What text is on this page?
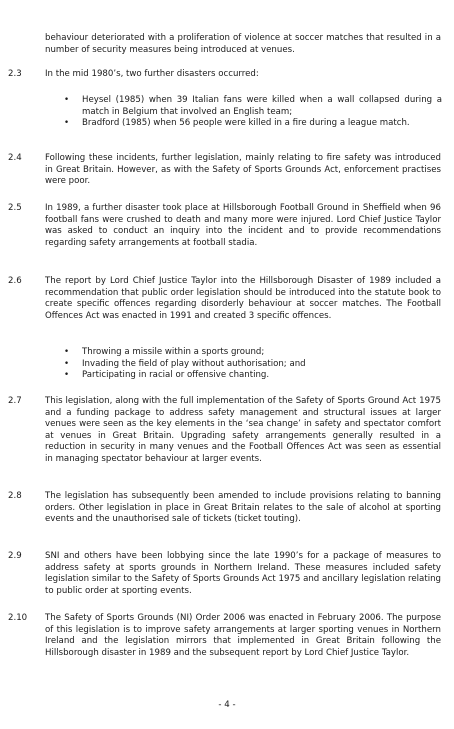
behaviour deteriorated with a proliferation of violence at soccer matches that resulted in a number of security measures being introduced at venues.

2.3	In the mid 1980’s, two further disasters occurred:

• Heysel (1985) when 39 Italian fans were killed when a wall collapsed during a match in Belgium that involved an English team;
• Bradford (1985) when 56 people were killed in a fire during a league match.
2.4	Following these incidents, further legislation, mainly relating to fire safety was introduced in Great Britain. However, as with the Safety of Sports Grounds Act, enforcement practises were poor.

2.5	In 1989, a further disaster took place at Hillsborough Football Ground in Sheffield when 96 football fans were crushed to death and many more were injured. Lord Chief Justice Taylor was asked to conduct an inquiry into the incident and to provide recommendations regarding safety arrangements at football stadia.

2.6	The report by Lord Chief Justice Taylor into the Hillsborough Disaster of 1989 included a recommendation that public order legislation should be introduced into the statute book to create specific offences regarding disorderly behaviour at soccer matches. The Football Offences Act was enacted in 1991 and created 3 specific offences.

• Throwing a missile within a sports ground;
• Invading the field of play without authorisation; and
• Participating in racial or offensive chanting.
2.7	This legislation, along with the full implementation of the Safety of Sports Ground Act 1975 and a funding package to address safety management and structural issues at larger venues were seen as the key elements in the ‘sea change’ in safety and spectator comfort at venues in Great Britain. Upgrading safety arrangements generally resulted in a reduction in security in many venues and the Football Offences Act was seen as essential in managing spectator behaviour at larger events.

2.8	The legislation has subsequently been amended to include provisions relating to banning orders. Other legislation in place in Great Britain relates to the sale of alcohol at sporting events and the unauthorised sale of tickets (ticket touting).

2.9	SNI and others have been lobbying since the late 1990’s for a package of measures to address safety at sports grounds in Northern Ireland. These measures included safety legislation similar to the Safety of Sports Grounds Act 1975 and ancillary legislation relating to public order at sporting events.

2.10 The Safety of Sports Grounds (NI) Order 2006 was enacted in February 2006. The purpose of this legislation is to improve safety arrangements at larger sporting venues in Northern Ireland and the legislation mirrors that implemented in Great Britain following the Hillsborough disaster in 1989 and the subsequent report by Lord Chief Justice Taylor.

- 4 -
